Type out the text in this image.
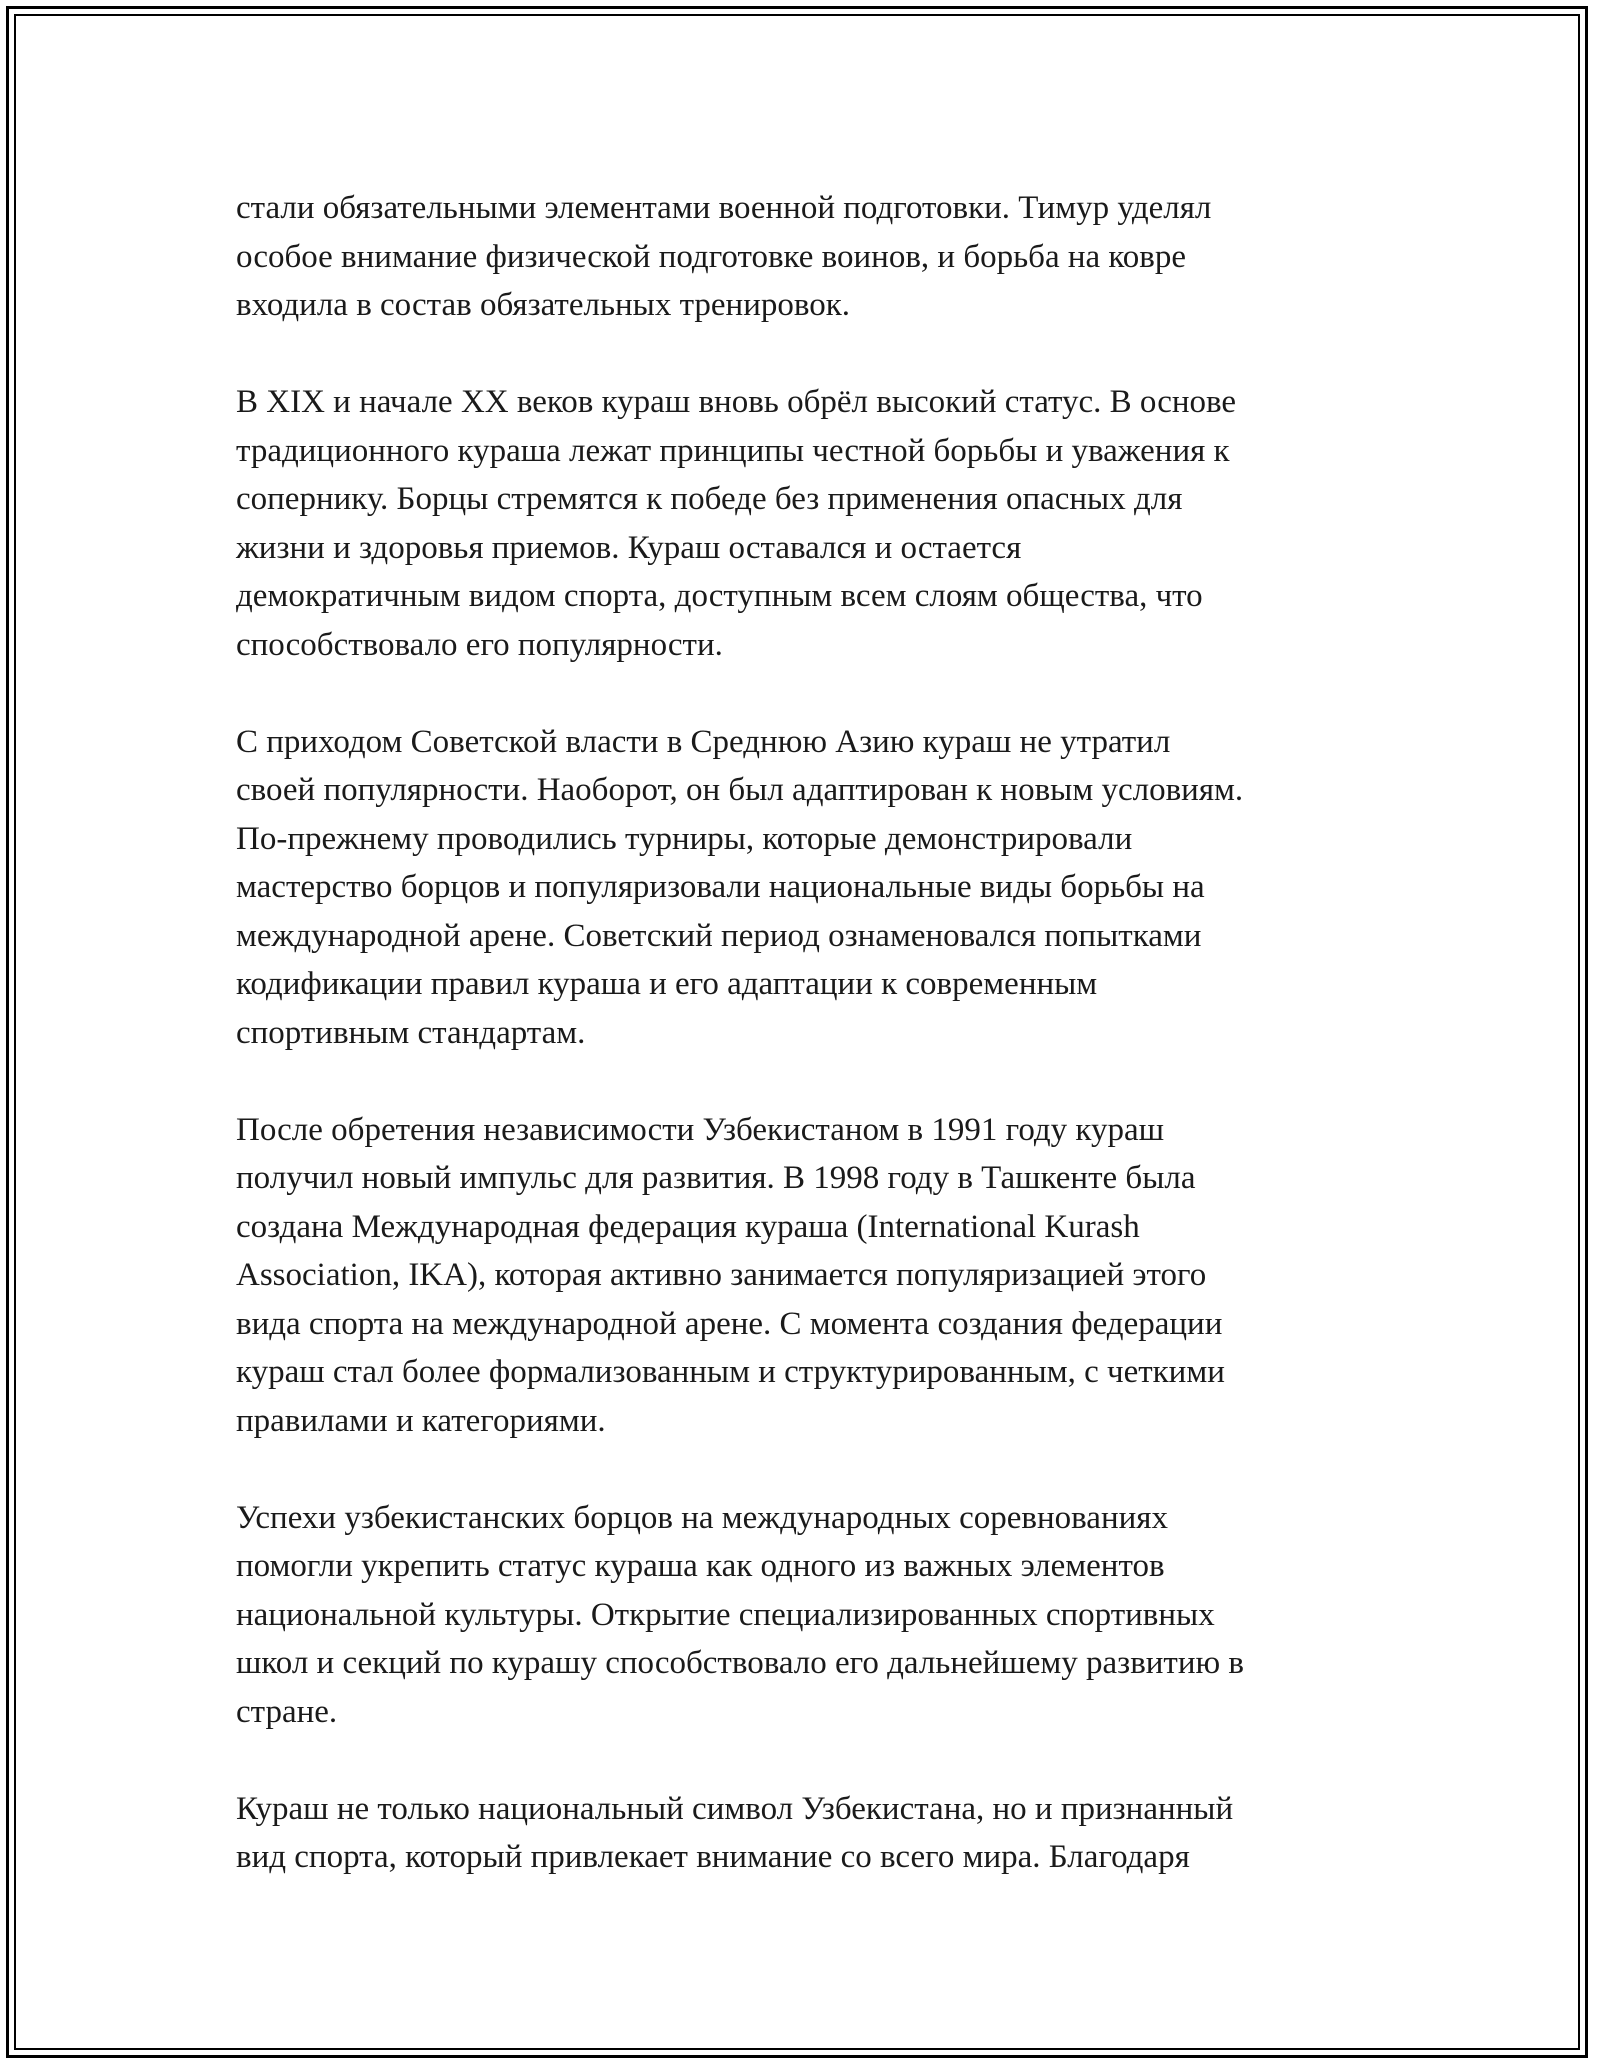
стали обязательными элементами военной подготовки. Тимур уделял
особое внимание физической подготовке воинов, и борьба на ковре
входила в состав обязательных тренировок.

В XIX и начале XX веков кураш вновь обрёл высокий статус. В основе
традиционного кураша лежат принципы честной борьбы и уважения к
сопернику. Борцы стремятся к победе без применения опасных для
жизни и здоровья приемов. Кураш оставался и остается
демократичным видом спорта, доступным всем слоям общества, что
способствовало его популярности.

С приходом Советской власти в Среднюю Азию кураш не утратил
своей популярности. Наоборот, он был адаптирован к новым условиям.
По-прежнему проводились турниры, которые демонстрировали
мастерство борцов и популяризовали национальные виды борьбы на
международной арене. Советский период ознаменовался попытками
кодификации правил кураша и его адаптации к современным
спортивным стандартам.

После обретения независимости Узбекистаном в 1991 году кураш
получил новый импульс для развития. В 1998 году в Ташкенте была
создана Международная федерация кураша (International Kurash
Association, IKA), которая активно занимается популяризацией этого
вида спорта на международной арене. С момента создания федерации
кураш стал более формализованным и структурированным, с четкими
правилами и категориями.

Успехи узбекистанских борцов на международных соревнованиях
помогли укрепить статус кураша как одного из важных элементов
национальной культуры. Открытие специализированных спортивных
школ и секций по курашу способствовало его дальнейшему развитию в
стране.

Кураш не только национальный символ Узбекистана, но и признанный
вид спорта, который привлекает внимание со всего мира. Благодаря
